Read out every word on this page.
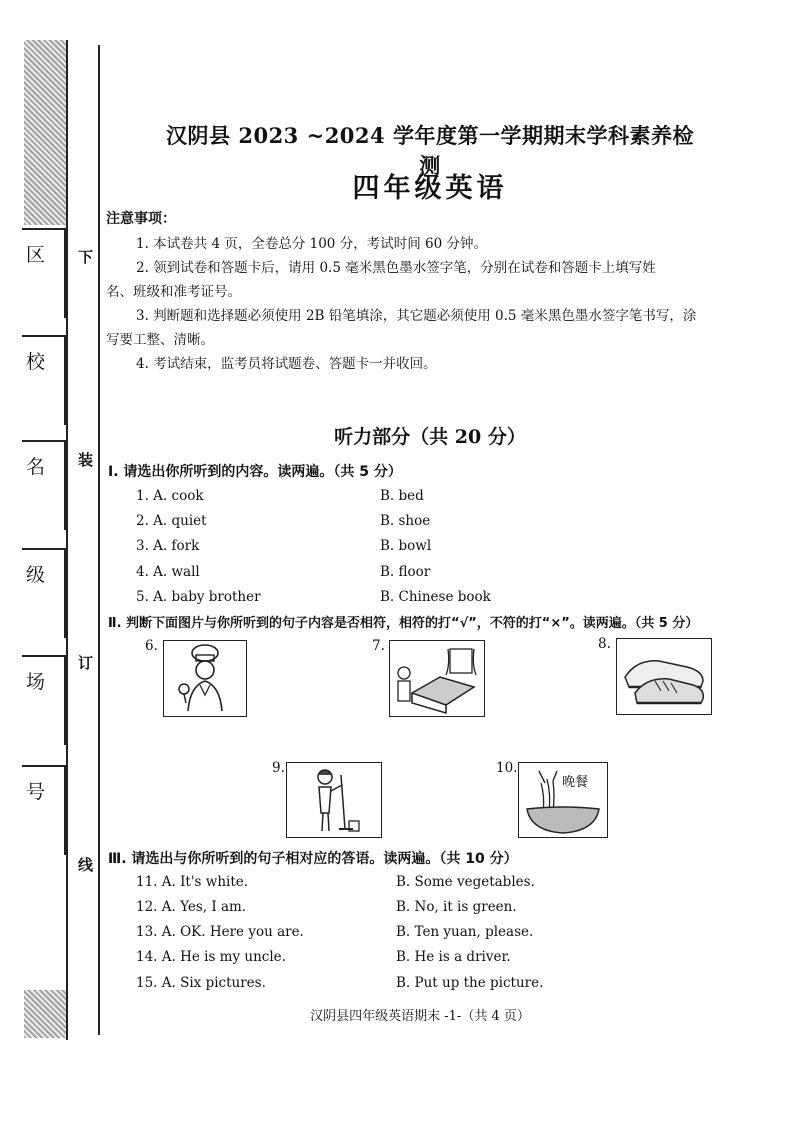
区
校
名
级
场
号
下
装
订
线
汉阴县 2023 ~2024 学年度第一学期期末学科素养检测
四年级英语
注意事项：
1. 本试卷共 4 页，全卷总分 100 分，考试时间 60 分钟。
2. 领到试卷和答题卡后，请用 0.5 毫米黑色墨水签字笔，分别在试卷和答题卡上填写姓
名、班级和准考证号。
3. 判断题和选择题必须使用 2B 铅笔填涂，其它题必须使用 0.5 毫米黑色墨水签字笔书写，涂
写要工整、清晰。
4. 考试结束，监考员将试题卷、答题卡一并收回。
听力部分（共 20 分）
Ⅰ. 请选出你所听到的内容。读两遍。（共 5 分）
1. A. cook	B. bed
2. A. quiet	B. shoe
3. A. fork	B. bowl
4. A. wall	B. floor
5. A. baby brother	B. Chinese book
Ⅱ. 判断下面图片与你所听到的句子内容是否相符，相符的打“√”，不符的打“×”。读两遍。（共 5 分）
6.	7.	8.
9.	10.
晚餐
Ⅲ. 请选出与你所听到的句子相对应的答语。读两遍。（共 10 分）
11. A. It's white.	B. Some vegetables.
12. A. Yes, I am.	B. No, it is green.
13. A. OK. Here you are.	B. Ten yuan, please.
14. A. He is my uncle.	B. He is a driver.
15. A. Six pictures.	B. Put up the picture.
汉阴县四年级英语期末 -1-（共 4 页）
